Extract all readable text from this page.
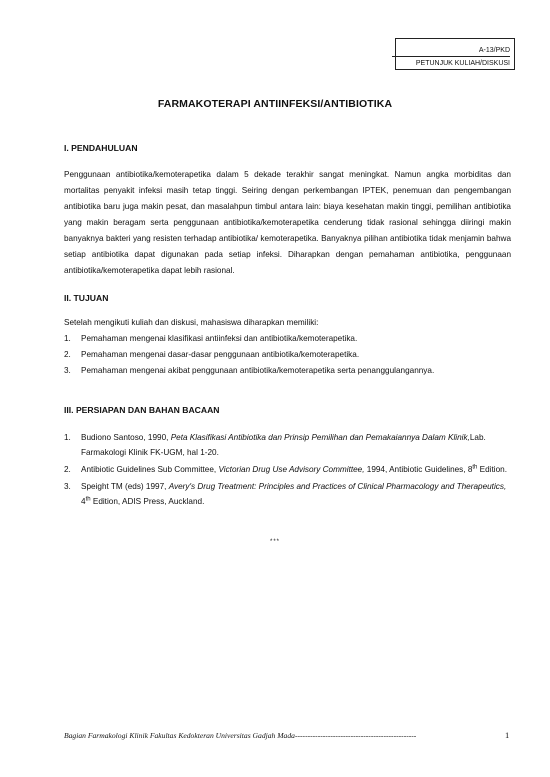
A-13/PKD
PETUNJUK KULIAH/DISKUSI
FARMAKOTERAPI ANTIINFEKSI/ANTIBIOTIKA
I. PENDAHULUAN

Penggunaan antibiotika/kemoterapetika dalam 5 dekade terakhir sangat meningkat. Namun angka morbiditas dan mortalitas penyakit infeksi masih tetap tinggi. Seiring dengan perkembangan IPTEK, penemuan dan pengembangan antibiotika baru juga makin pesat, dan masalahpun timbul antara lain: biaya kesehatan makin tinggi, pemilihan antibiotika yang makin beragam serta penggunaan antibiotika/kemoterapetika cenderung tidak rasional sehingga diiringi makin banyaknya bakteri yang resisten terhadap antibiotika/ kemoterapetika. Banyaknya pilihan antibiotika tidak menjamin bahwa setiap antibiotika dapat digunakan pada setiap infeksi. Diharapkan dengan pemahaman antibiotika, penggunaan antibiotika/kemoterapetika dapat lebih rasional.

II. TUJUAN
Setelah mengikuti kuliah dan diskusi, mahasiswa diharapkan memiliki:
1. Pemahaman mengenai klasifikasi antiinfeksi dan antibiotika/kemoterapetika.
2. Pemahaman mengenai dasar-dasar penggunaan antibiotika/kemoterapetika.
3. Pemahaman mengenai akibat penggunaan antibiotika/kemoterapetika serta penanggulangannya.
III. PERSIAPAN DAN BAHAN BACAAN
1. Budiono Santoso, 1990, Peta Klasifikasi Antibiotika dan Prinsip Pemilihan dan Pemakaiannya Dalam Klinik,Lab. Farmakologi Klinik FK-UGM, hal 1-20.
2. Antibiotic Guidelines Sub Committee, Victorian Drug Use Advisory Committee, 1994, Antibiotic Guidelines, 8th Edition.
3. Speight TM (eds) 1997, Avery's Drug Treatment: Principles and Practices of Clinical Pharmacology and Therapeutics, 4th Edition, ADIS Press, Auckland.
***
Bagian Farmakologi Klinik Fakultas Kedokteran Universitas Gadjah Mada------------------------------------------------	1
